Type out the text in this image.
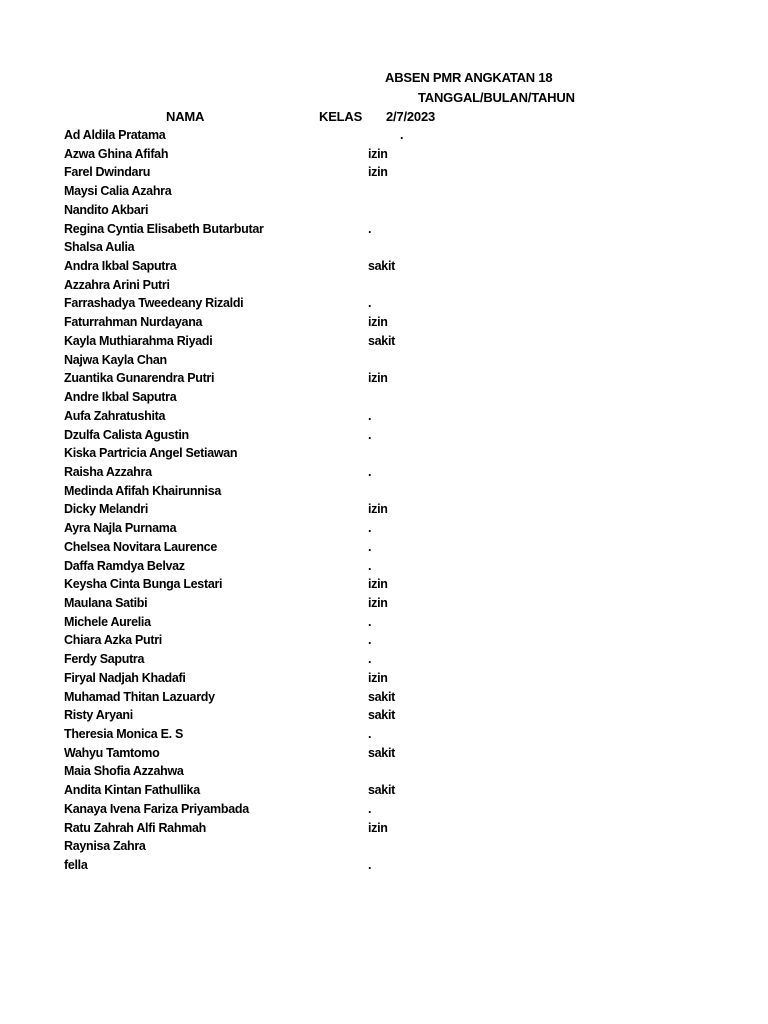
ABSEN PMR ANGKATAN 18
TANGGAL/BULAN/TAHUN
NAMA	KELAS 2/7/2023
Ad Aldila Pratama	.
Azwa Ghina Afifah	izin
Farel Dwindaru	izin
Maysi Calia Azahra
Nandito Akbari
Regina Cyntia Elisabeth Butarbutar	.
Shalsa Aulia
Andra Ikbal Saputra	sakit
Azzahra Arini Putri
Farrashadya Tweedeany Rizaldi	.
Faturrahman Nurdayana	izin
Kayla Muthiarahma Riyadi	sakit
Najwa Kayla Chan
Zuantika Gunarendra Putri	izin
Andre Ikbal Saputra
Aufa Zahratushita	.
Dzulfa Calista Agustin	.
Kiska Partricia Angel Setiawan
Raisha Azzahra	.
Medinda Afifah Khairunnisa
Dicky Melandri	izin
Ayra Najla Purnama	.
Chelsea Novitara Laurence	.
Daffa Ramdya Belvaz	.
Keysha Cinta Bunga Lestari	izin
Maulana Satibi	izin
Michele Aurelia	.
Chiara Azka Putri	.
Ferdy Saputra	.
Firyal Nadjah Khadafi	izin
Muhamad Thitan Lazuardy	sakit
Risty Aryani	sakit
Theresia Monica E. S	.
Wahyu Tamtomo	sakit
Maia Shofia Azzahwa
Andita Kintan Fathullika	sakit
Kanaya Ivena Fariza Priyambada	.
Ratu Zahrah Alfi Rahmah	izin
Raynisa Zahra
fella	.
